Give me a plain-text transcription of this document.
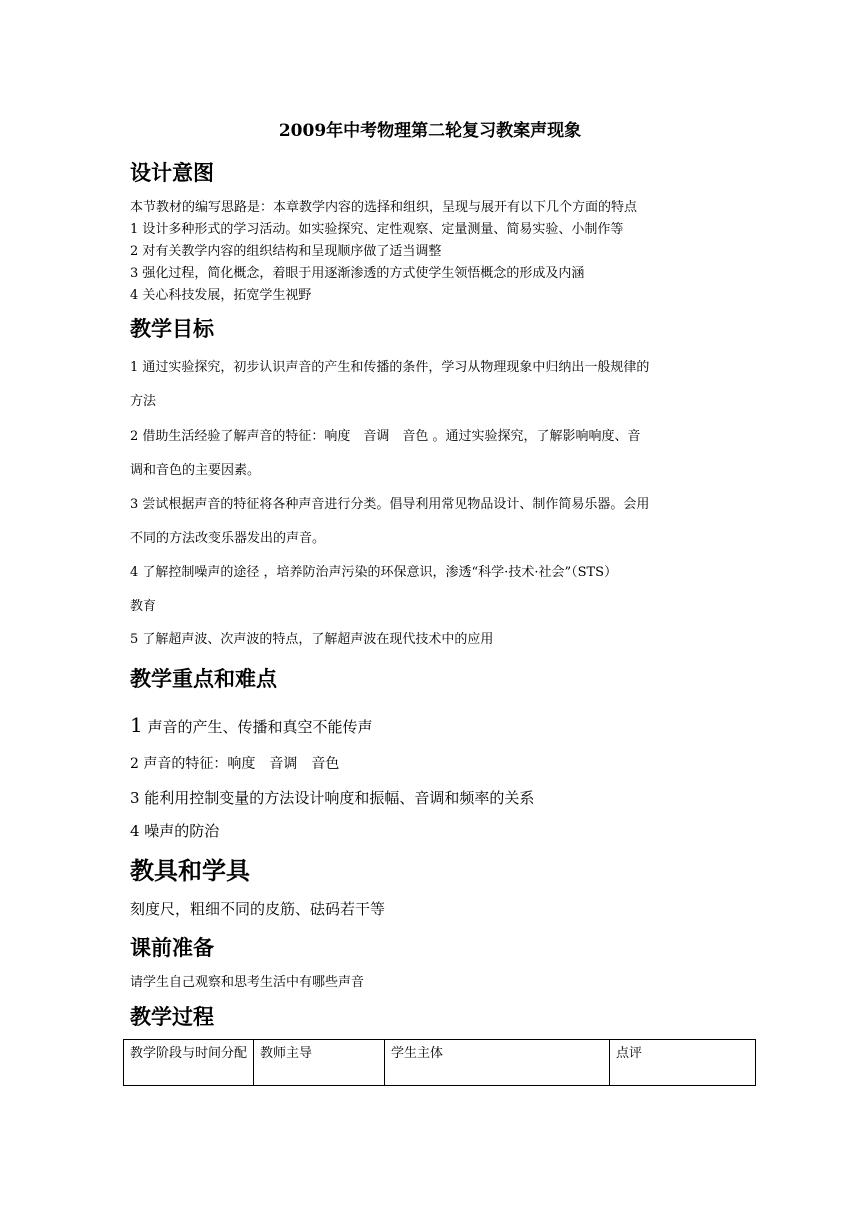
2009年中考物理第二轮复习教案声现象
设计意图
本节教材的编写思路是：本章教学内容的选择和组织，呈现与展开有以下几个方面的特点
1 设计多种形式的学习活动。如实验探究、定性观察、定量测量、简易实验、小制作等
2 对有关教学内容的组织结构和呈现顺序做了适当调整
3 强化过程，简化概念，着眼于用逐渐渗透的方式使学生领悟概念的形成及内涵
4 关心科技发展，拓宽学生视野
教学目标
1 通过实验探究，初步认识声音的产生和传播的条件，学习从物理现象中归纳出一般规律的
方法
2 借助生活经验了解声音的特征：响度　音调　音色 。通过实验探究，了解影响响度、音
调和音色的主要因素。
3 尝试根据声音的特征将各种声音进行分类。倡导利用常见物品设计、制作简易乐器。会用
不同的方法改变乐器发出的声音。
4 了解控制噪声的途径 ，培养防治声污染的环保意识，渗透“科学·技术·社会”（STS）
教育
5 了解超声波、次声波的特点，了解超声波在现代技术中的应用
教学重点和难点
1 声音的产生、传播和真空不能传声
2 声音的特征：响度　音调　音色
3 能利用控制变量的方法设计响度和振幅、音调和频率的关系
4 噪声的防治
教具和学具
刻度尺，粗细不同的皮筋、砝码若干等
课前准备
请学生自己观察和思考生活中有哪些声音
教学过程
教学阶段与时间分配	教师主导	学生主体	点评
